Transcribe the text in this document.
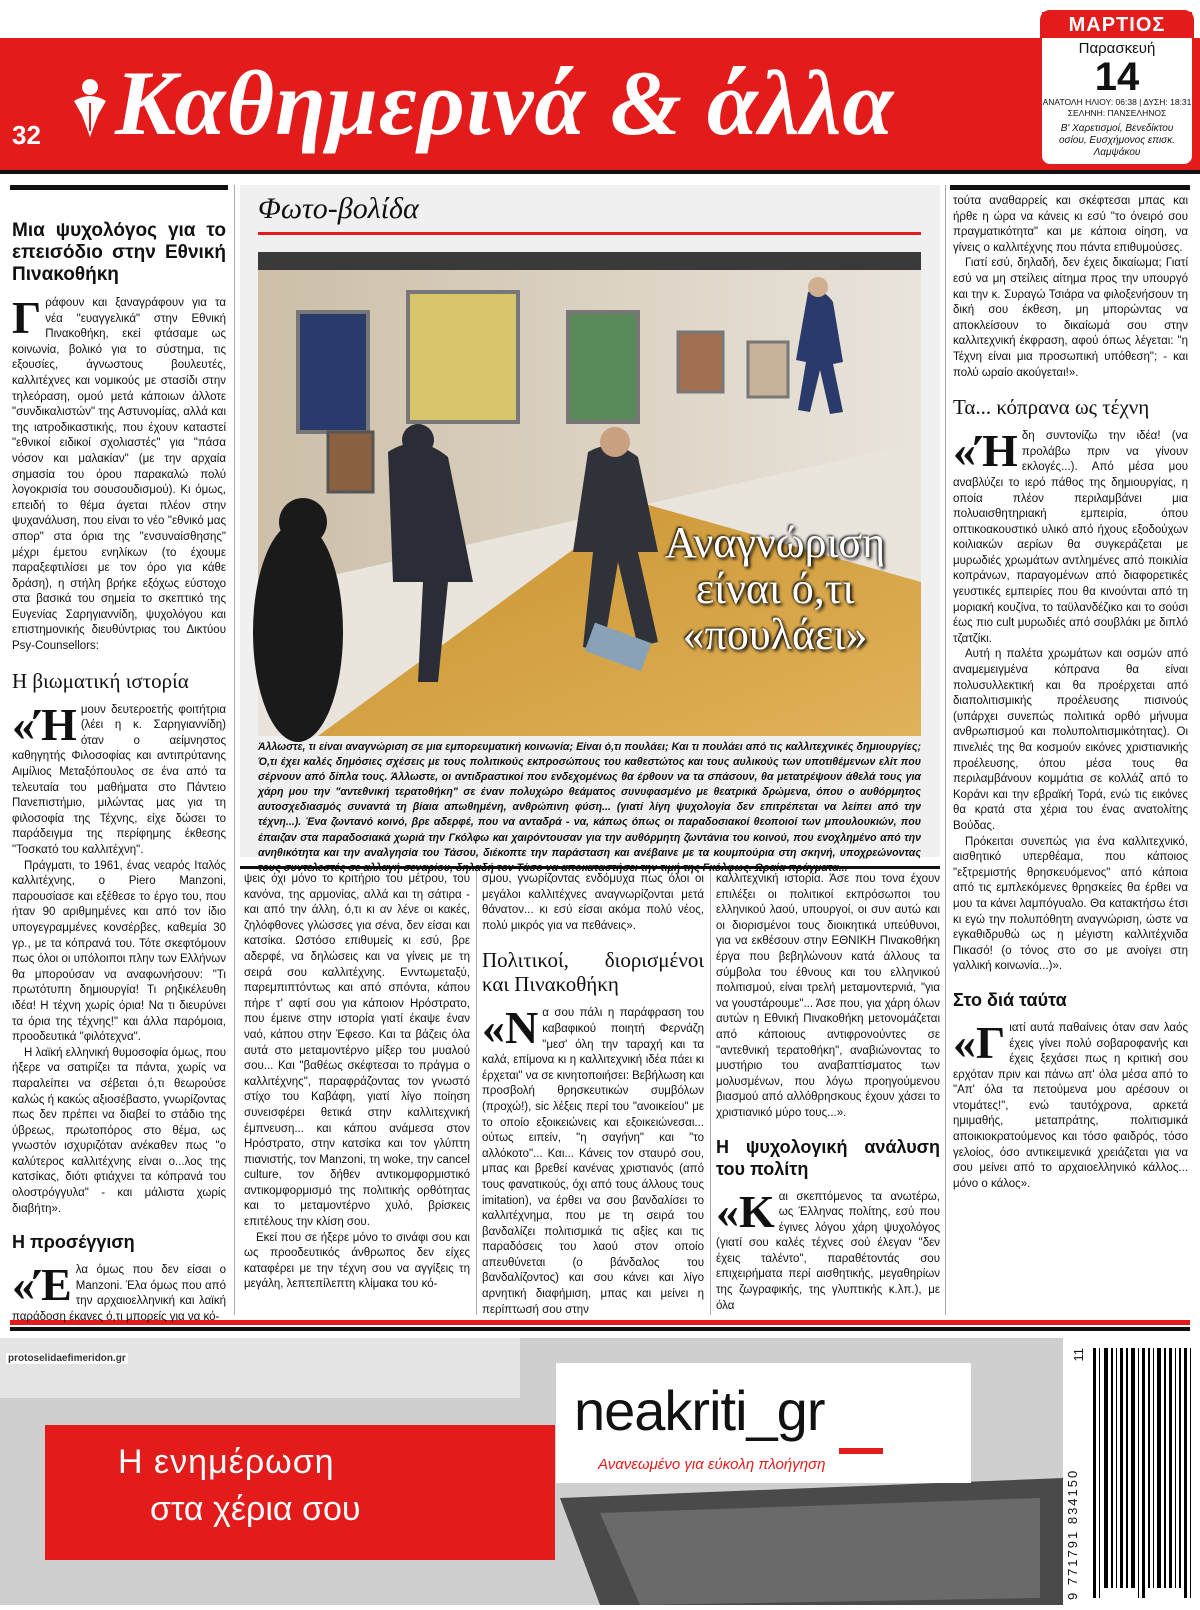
32 Καθημερινά & άλλα
ΜΑΡΤΙΟΣ
Παρασκευή
14
ΑΝΑΤΟΛΗ ΗΛΙΟΥ: 06:38 | ΔΥΣΗ: 18:31
ΣΕΛΗΝΗ: ΠΑΝΣΕΛΗΝΟΣ
Β' Χαρετισμοί, Βενεδίκτου οσίου, Ευσχήμονος επισκ. Λαμψάκου
Μια ψυχολόγος για το επεισόδιο στην Εθνική Πινακοθήκη

Γράφουν και ξαναγράφουν για τα νέα "ευαγγελικά" στην Εθνική Πινακοθήκη, εκεί φτάσαμε ως κοινωνία, βολικό για το σύστημα, τις εξουσίες, άγνωστους βουλευτές, καλλιτέχνες και νομικούς με στασίδι στην τηλεόραση, ομού μετά κάποιων άλλοτε "συνδικαλιστών" της Αστυνομίας, αλλά και της ιατροδικαστικής, που έχουν καταστεί "εθνικοί ειδικοί σχολιαστές" για "πάσα νόσον και μαλακίαν" (με την αρχαία σημασία του όρου παρακαλώ πολύ λογοκρισία του σουσουδισμού). Κι όμως, επειδή το θέμα άγεται πλέον στην ψυχανάλυση, που είναι το νέο "εθνικό μας σπορ" στα όρια της "ενσυναίσθησης" μέχρι έμετου ενηλίκων (το έχουμε παραξεφτιλίσει με τον όρο για κάθε δράση), η στήλη βρήκε εξόχως εύστοχο στα βασικά του σημεία το σκεπτικό της Ευγενίας Σαρηγιαννίδη, ψυχολόγου και επιστημονικής διευθύντριας του Δικτύου Psy-Counsellors:

Η βιωματική ιστορία

«Ήμουν δευτεροετής φοιτήτρια (λέει η κ. Σαρηγιαννίδη) όταν ο αείμνηστος καθηγητής Φιλοσοφίας και αντιπρύτανης Αιμίλιος Μεταξόπουλος σε ένα από τα τελευταία του μαθήματα στο Πάντειο Πανεπιστήμιο, μιλώντας μας για τη φιλοσοφία της Τέχνης, είχε δώσει το παράδειγμα της περίφημης έκθεσης "Τοσκατό του καλλιτέχνη".

Πράγματι, το 1961, ένας νεαρός Ιταλός καλλιτέχνης, ο Piero Manzoni, παρουσίασε και εξέθεσε το έργο του, που ήταν 90 αριθμημένες και από τον ίδιο υπογεγραμμένες κονσέρβες, καθεμία 30 γρ., με τα κόπρανά του. Τότε σκεφτόμουν πως όλοι οι υπόλοιποι πλην των Ελλήνων θα μπορούσαν να αναφωνήσουν: "Τι πρωτότυπη δημιουργία! Τι ρηξικέλευθη ιδέα! Η τέχνη χωρίς όρια! Να τι διευρύνει τα όρια της τέχνης!" και άλλα παρόμοια, προοδευτικά "φιλότεχνα".

Η λαϊκή ελληνική θυμοσοφία όμως, που ήξερε να σατιρίζει τα πάντα, χωρίς να παραλείπει να σέβεται ό,τι θεωρούσε καλώς ή κακώς αξιοσέβαστο, γνωρίζοντας πως δεν πρέπει να διαβεί το στάδιο της ύβρεως, πρωτοπόρος στο θέμα, ως γνωστόν ισχυριζόταν ανέκαθεν πως "ο καλύτερος καλλιτέχνης είναι ο...λος της κατσίκας, διότι φτιάχνει τα κόπρανά του ολοστρόγγυλα" - και μάλιστα χωρίς διαβήτη».

Η προσέγγιση

«Έλα όμως που δεν είσαι ο Manzoni. Έλα όμως που από την αρχαιοελληνική και λαϊκή παράδοση έκανες ό,τι μπορείς για να κό-

Φωτο-βολίδα
Αναγνώριση
είναι ό,τι
«πουλάει»
Άλλωστε, τι είναι αναγνώριση σε μια εμπορευματική κοινωνία; Είναι ό,τι πουλάει; Και τι πουλάει από τις καλλιτεχνικές δημιουργίες; Ό,τι έχει καλές δημόσιες σχέσεις με τους πολιτικούς εκπροσώπους του καθεστώτος και τους αυλικούς των υποτιθέμενων ελίτ που σέρνουν από δίπλα τους. Άλλωστε, οι αντιδραστικοί που ενδεχομένως θα έρθουν να τα σπάσουν, θα μετατρέψουν άθελά τους για χάρη μου την "αντεθνική τερατοθήκη" σε έναν πολυχώρο θεάματος συνυφασμένο με θεατρικά δρώμενα, όπου ο αυθόρμητος αυτοσχεδιασμός συναντά τη βίαια απωθημένη, ανθρώπινη φύση... (γιατί λίγη ψυχολογία δεν επιτρέπεται να λείπει από την τέχνη...). Ένα ζωντανό κοινό, βρε αδερφέ, που να ανταδρά - να, κάπως όπως οι παραδοσιακοί θεοποιοί των μπουλουκιών, που έπαιζαν στα παραδοσιακά χωριά την Γκόλφω και χαιρόντουσαν για την αυθόρμητη ζωντάνια του κοινού, που ενοχλημένο από την ανηθικότητα και την αναλγησία του Τάσου, διέκοπτε την παράσταση και ανέβαινε με τα κουμπούρια στη σκηνή, υποχρεώνοντας τους συντελεστές σε αλλαγή σεναρίου, δηλαδή τον Τάσο να αποκαταστήσει την τιμή της Γκόλφως. Ωραία πράγματα...

ψεις όχι μόνο το κριτήριο του μέτρου, του κανόνα, της αρμονίας, αλλά και τη σάτιρα - και από την άλλη, ό,τι κι αν λένε οι κακές, ζηλόφθονες γλώσσες για σένα, δεν είσαι και κατσίκα. Ωστόσο επιθυμείς κι εσύ, βρε αδερφέ, να δηλώσεις και να γίνεις με τη σειρά σου καλλιτέχνης. Ενντωμεταξύ, παρεμπιπτόντως και από σπόντα, κάπου πήρε τ' αφτί σου για κάποιον Ηρόστρατο, που έμεινε στην ιστορία γιατί έκαψε έναν ναό, κάπου στην Έφεσο. Και τα βάζεις όλα αυτά στο μεταμοντέρνο μίξερ του μυαλού σου... Και "βαθέως σκέφτεσαι το πράγμα ο καλλιτέχνης", παραφράζοντας τον γνωστό στίχο του Καβάφη, γιατί λίγο ποίηση συνεισφέρει θετικά στην καλλιτεχνική έμπνευση... και κάπου ανάμεσα στον Ηρόστρατο, στην κατσίκα και τον γλύπτη πιανιστής, τον Manzoni, τη woke, την cancel culture, τον δήθεν αντικομφορμιστικό αντικομφορμισμό της πολιτικής ορθότητας και το μεταμοντέρνο χυλό, βρίσκεις επιτέλους την κλίση σου.

Εκεί που σε ήξερε μόνο το σινάφι σου και ως προοδευτικός άνθρωπος δεν είχες καταφέρει με την τέχνη σου να αγγίξεις τη μεγάλη, λεπτεπίλεπτη κλίμακα του κό-

σμου, γνωρίζοντας ενδόμυχα πως όλοι οι μεγάλοι καλλιτέχνες αναγνωρίζονται μετά θάνατον... κι εσύ είσαι ακόμα πολύ νέος, πολύ μικρός για να πεθάνεις».

Πολιτικοί, διορισμένοι και Πινακοθήκη

«Να σου πάλι η παράφραση του καβαφικού ποιητή Φερνάζη "μεσ' όλη την ταραχή και τα καλά, επίμονα κι η καλλιτεχνική ιδέα πάει κι έρχεται" να σε κινητοποιήσει: Βεβήλωση και προσβολή θρησκευτικών συμβόλων (προχώ!), sic λέξεις περί του "ανοικείου" με το οποίο εξοικειώνεις και εξοικειώνεσαι... ούτως ειπείν, "η σαγήνη" και "το αλλόκοτο"... Και... Κάνεις τον σταυρό σου, μπας και βρεθεί κανένας χριστιανός (από τους φανατικούς, όχι από τους άλλους τους imitation), να έρθει να σου βανδαλίσει το καλλιτέχνημα, που με τη σειρά του βανδαλίζει πολιτισμικά τις αξίες και τις παραδόσεις του λαού στον οποίο απευθύνεται (ο βάνδαλος του βανδαλίζοντος) και σου κάνει και λίγο αρνητική διαφήμιση, μπας και μείνει η περίπτωσή σου στην

καλλιτεχνική ιστορία. Άσε που τονα έχουν επιλέξει οι πολιτικοί εκπρόσωποι του ελληνικού λαού, υπουργοί, οι συν αυτώ και οι διορισμένοι τους διοικητικά υπεύθυνοι, για να εκθέσουν στην ΕΘΝΙΚΗ Πινακοθήκη έργα που βεβηλώνουν κατά άλλους τα σύμβολα του έθνους και του ελληνικού πολιτισμού, είναι τρελή μεταμοντερνιά, "για να γουστάρουμε"... Άσε που, για χάρη όλων αυτών η Εθνική Πινακοθήκη μετονομάζεται από κάποιους αντιφρονούντες σε "αντεθνική τερατοθήκη", αναβιώνοντας το μυστήριο του αναβαπτίσματος των μολυσμένων, που λόγω προηγούμενου βιασμού από αλλόθρησκους έχουν χάσει το χριστιανικό μύρο τους...».

Η ψυχολογική ανάλυση του πολίτη

«Και σκεπτόμενος τα ανωτέρω, ως Έλληνας πολίτης, εσύ που έγινες λόγου χάρη ψυχολόγος (γιατί σου καλές τέχνες σού έλεγαν "δεν έχεις ταλέντο", παραθέτοντάς σου επιχειρήματα περί αισθητικής, μεγαθηρίων της ζωγραφικής, της γλυπτικής κ.λπ.), με όλα

τούτα αναθαρρείς και σκέφτεσαι μπας και ήρθε η ώρα να κάνεις κι εσύ "το όνειρό σου πραγματικότητα" και με κάποια οίηση, να γίνεις ο καλλιτέχνης που πάντα επιθυμούσες.

Γιατί εσύ, δηλαδή, δεν έχεις δικαίωμα; Γιατί εσύ να μη στείλεις αίτημα προς την υπουργό και την κ. Συραγώ Τσιάρα να φιλοξενήσουν τη δική σου έκθεση, μη μπορώντας να αποκλείσουν το δικαίωμά σου στην καλλιτεχνική έκφραση, αφού όπως λέγεται: "η Τέχνη είναι μια προσωπική υπόθεση"; - και πολύ ωραίο ακούγεται!».

Τα... κόπρανα ως τέχνη

«Ήδη συντονίζω την ιδέα! (να προλάβω πριν να γίνουν εκλογές...). Από μέσα μου αναβλύζει το ιερό πάθος της δημιουργίας, η οποία πλέον περιλαμβάνει μια πολυαισθητηριακή εμπειρία, όπου οπτικοακουστικό υλικό από ήχους εξοδούχων κοιλιακών αερίων θα συγκεράζεται με μυρωδιές χρωμάτων αντλημένες από ποικιλία κοπράνων, παραγομένων από διαφορετικές γευστικές εμπειρίες που θα κινούνται από τη μοριακή κουζίνα, το ταϋλανδέζικο και το σούσι έως πιο cult μυρωδιές από σουβλάκι με διπλό τζατζίκι.

Αυτή η παλέτα χρωμάτων και οσμών από αναμεμειγμένα κόπρανα θα είναι πολυσυλλεκτική και θα προέρχεται από διαπολιτισμικής προέλευσης πισινούς (υπάρχει συνεπώς πολιτικά ορθό μήνυμα ανθρωπισμού και πολυπολιτισμικότητας). Οι πινελιές της θα κοσμούν εικόνες χριστιανικής προέλευσης, όπου μέσα τους θα περιλαμβάνουν κομμάτια σε κολλάζ από το Κοράνι και την εβραϊκή Τορά, ενώ τις εικόνες θα κρατά στα χέρια του ένας ανατολίτης Βούδας.

Πρόκειται συνεπώς για ένα καλλιτεχνικό, αισθητικό υπερθέαμα, που κάποιος "εξτρεμιστής θρησκευόμενος" από κάποια από τις εμπλεκόμενες θρησκείες θα έρθει να μου τα κάνει λαμπόγυαλο. Θα κατακτήσω έτσι κι εγώ την πολυπόθητη αναγνώριση, ώστε να εγκαθιδρυθώ ως η μέγιστη καλλιτέχνιδα Πικασό! (ο τόνος στο σο με ανοίγει στη γαλλική κοινωνία...)».

Στο διά ταύτα

«Γιατί αυτά παθαίνεις όταν σαν λαός έχεις γίνει πολύ σοβαροφανής και έχεις ξεχάσει πως η κριτική σου ερχόταν πριν και πάνω απ' όλα μέσα από το "Απ' όλα τα πετούμενα μου αρέσουν οι ντομάτες!", ενώ ταυτόχρονα, αρκετά ημιμαθής, μεταπράτης, πολιτισμικά αποικιοκρατούμενος και τόσο φαιδρός, τόσο γελοίος, όσο αντικειμενικά χρειάζεται για να σου μείνει από το αρχαιοελληνικό κάλλος... μόνο ο κάλος».

protoselidaefimeridon.gr
Η ενημέρωση
στα χέρια σου
neakriti_gr
Ανανεωμένο για εύκολη πλοήγηση
11
9 771791 834150
